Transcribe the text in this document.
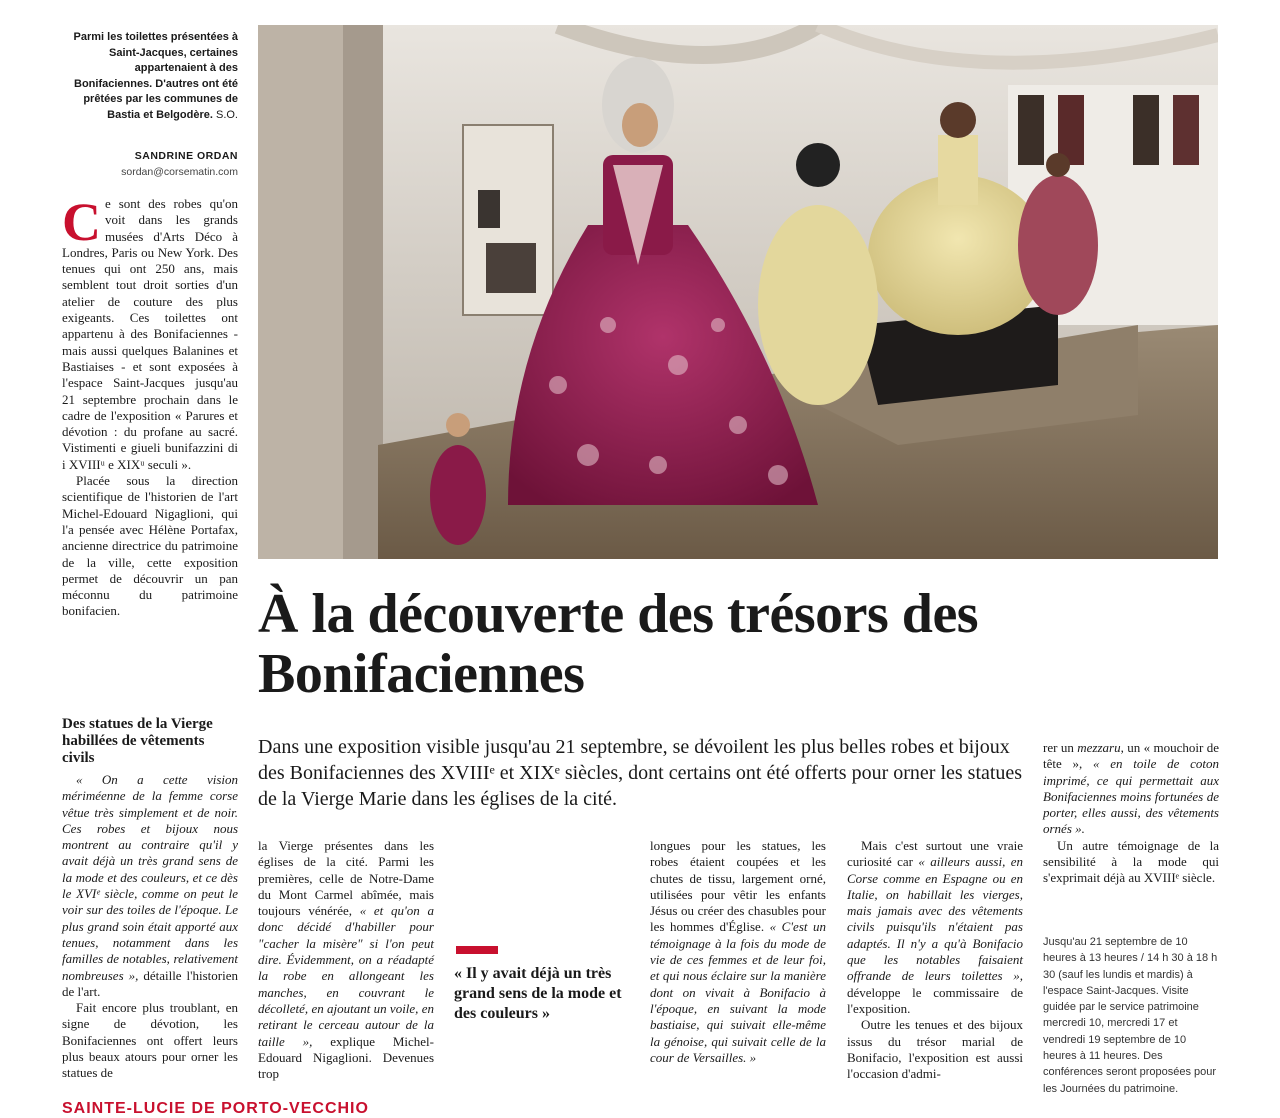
Parmi les toilettes présentées à Saint-Jacques, certaines appartenaient à des Bonifaciennes. D'autres ont été prêtées par les communes de Bastia et Belgodère. S.O.
SANDRINE ORDAN
sordan@corsematin.com

Ce sont des robes qu'on voit dans les grands musées d'Arts Déco à Londres, Paris ou New York. Des tenues qui ont 250 ans, mais semblent tout droit sorties d'un atelier de couture des plus exigeants. Ces toilettes ont appartenu à des Bonifaciennes - mais aussi quelques Balanines et Bastiaises - et sont exposées à l'espace Saint-Jacques jusqu'au 21 septembre prochain dans le cadre de l'exposition « Parures et dévotion : du profane au sacré. Vistimenti e giueli bunifazzini di i XVIIIᵘ e XIXᵘ seculi ».

Placée sous la direction scientifique de l'historien de l'art Michel-Edouard Nigaglioni, qui l'a pensée avec Hélène Portafax, ancienne directrice du patrimoine de la ville, cette exposition permet de découvrir un pan méconnu du patrimoine bonifacien.

Des statues de la Vierge habillées de vêtements civils

« On a cette vision mériméenne de la femme corse vêtue très simplement et de noir. Ces robes et bijoux nous montrent au contraire qu'il y avait déjà un très grand sens de la mode et des couleurs, et ce dès le XVIᵉ siècle, comme on peut le voir sur des toiles de l'époque. Le plus grand soin était apporté aux tenues, notamment dans les familles de notables, relativement nombreuses », détaille l'historien de l'art.

Fait encore plus troublant, en signe de dévotion, les Bonifaciennes ont offert leurs plus beaux atours pour orner les statues de

À la découverte des trésors des Bonifaciennes
Dans une exposition visible jusqu'au 21 septembre, se dévoilent les plus belles robes et bijoux des Bonifaciennes des XVIIIᵉ et XIXᵉ siècles, dont certains ont été offerts pour orner les statues de la Vierge Marie dans les églises de la cité.
« Il y avait déjà un très grand sens de la mode et des couleurs »

la Vierge présentes dans les églises de la cité. Parmi les premières, celle de Notre-Dame du Mont Carmel abîmée, mais toujours vénérée, « et qu'on a donc décidé d'habiller pour "cacher la misère" si l'on peut dire. Évidemment, on a réadapté la robe en allongeant les manches, en couvrant le décolleté, en ajoutant un voile, en retirant le cerceau autour de la taille », explique Michel-Edouard Nigaglioni. Devenues trop

longues pour les statues, les robes étaient coupées et les chutes de tissu, largement orné, utilisées pour vêtir les enfants Jésus ou créer des chasubles pour les hommes d'Église. « C'est un témoignage à la fois du mode de vie de ces femmes et de leur foi, et qui nous éclaire sur la manière dont on vivait à Bonifacio à l'époque, en suivant la mode bastiaise, qui suivait elle-même la génoise, qui suivait celle de la cour de Versailles. »

Mais c'est surtout une vraie curiosité car « ailleurs aussi, en Corse comme en Espagne ou en Italie, on habillait les vierges, mais jamais avec des vêtements civils puisqu'ils n'étaient pas adaptés. Il n'y a qu'à Bonifacio que les notables faisaient offrande de leurs toilettes », développe le commissaire de l'exposition.

Outre les tenues et des bijoux issus du trésor marial de Bonifacio, l'exposition est aussi l'occasion d'admi-

rer un mezzaru, un « mouchoir de tête », « en toile de coton imprimé, ce qui permettait aux Bonifaciennes moins fortunées de porter, elles aussi, des vêtements ornés ».

Un autre témoignage de la sensibilité à la mode qui s'exprimait déjà au XVIIIᵉ siècle.

Jusqu'au 21 septembre de 10 heures à 13 heures / 14 h 30 à 18 h 30 (sauf les lundis et mardis) à l'espace Saint-Jacques. Visite guidée par le service patrimoine mercredi 10, mercredi 17 et vendredi 19 septembre de 10 heures à 11 heures. Des conférences seront proposées pour les Journées du patrimoine.
SAINTE-LUCIE DE PORTO-VECCHIO
